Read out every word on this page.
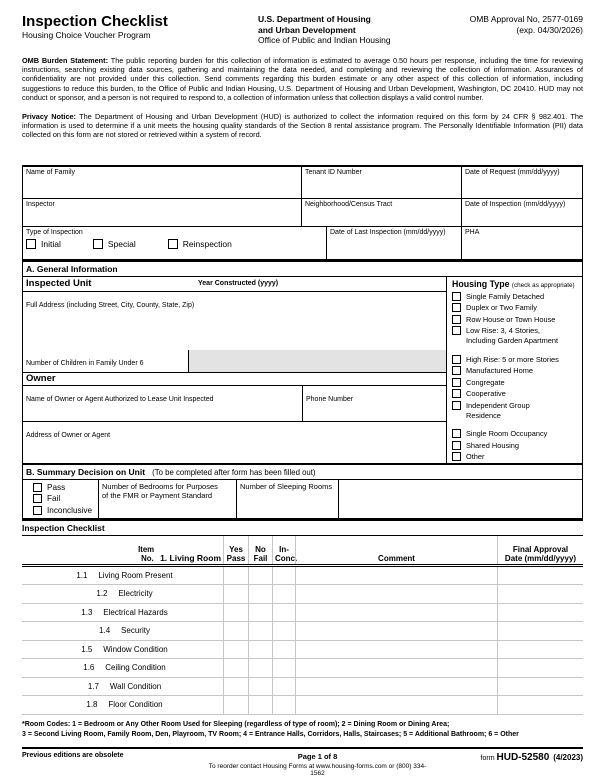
Inspection Checklist
Housing Choice Voucher Program
U.S. Department of Housing
and Urban Development
Office of Public and Indian Housing
OMB Approval No, 2577-0169
(exp. 04/30/2026)

OMB Burden Statement: The public reporting burden for this collection of information is estimated to average 0.50 hours per response, including the time for reviewing instructions, searching existing data sources, gathering and maintaining the data needed, and completing and reviewing the collection of information. Assurances of confidentiality are not provided under this collection. Send comments regarding this burden estimate or any other aspect of this collection of information, including suggestions to reduce this burden, to the Office of Public and Indian Housing, U.S. Department of Housing and Urban Development, Washington, DC 20410. HUD may not conduct or sponsor, and a person is not required to respond to, a collection of information unless that collection displays a valid control number.

Privacy Notice: The Department of Housing and Urban Development (HUD) is authorized to collect the information required on this form by 24 CFR § 982.401. The information is used to determine if a unit meets the housing quality standards of the Section 8 rental assistance program. The Personally Identifiable Information (PII) data collected on this form are not stored or retrieved within a system of record.

Name of Family	Tenant ID Number	Date of Request (mm/dd/yyyy)
Inspector	Neighborhood/Census Tract	Date of Inspection (mm/dd/yyyy)
Type of Inspection
Initial	Special	Reinspection
Date of Last Inspection (mm/dd/yyyy)	PHA
A. General Information
Inspected Unit	Year Constructed (yyyy)
Full Address (including Street, City, County, State, Zip)
Number of Children in Family Under 6
Owner
Name of Owner or Agent Authorized to Lease Unit Inspected	Phone Number
Address of Owner or Agent
Housing Type (check as appropriate)
Single Family Detached
Duplex or Two Family
Row House or Town House
Low Rise: 3, 4 Stories,
Including Garden Apartment
High Rise: 5 or more Stories
Manufactured Home
Congregate
Cooperative
Independent Group
Residence
Single Room Occupancy
Shared Housing
Other
B. Summary Decision on Unit (To be completed after form has been filled out)
Pass
Fail
Inconclusive
Number of Bedrooms for Purposes
of the FMR or Payment Standard
Number of Sleeping Rooms
Inspection Checklist
Item
No. 1. Living Room
Yes
Pass
No
Fail
In-
Conc.	Comment
Final Approval
Date (mm/dd/yyyy)
1.1	Living Room Present
1.2	Electricity
1.3	Electrical Hazards
1.4	Security
1.5	Window Condition
1.6	Ceiling Condition
1.7	Wall Condition
1.8	Floor Condition
*Room Codes: 1 = Bedroom or Any Other Room Used for Sleeping (regardless of type of room); 2 = Dining Room or Dining Area;
3 = Second Living Room, Family Room, Den, Playroom, TV Room; 4 = Entrance Halls, Corridors, Halls, Staircases; 5 = Additional Bathroom; 6 = Other
Previous editions are obsolete	Page 1 of 8
To reorder contact Housing Forms at www.housing-forms.com or (800) 334-1562
form HUD-52580 (4/2023)
